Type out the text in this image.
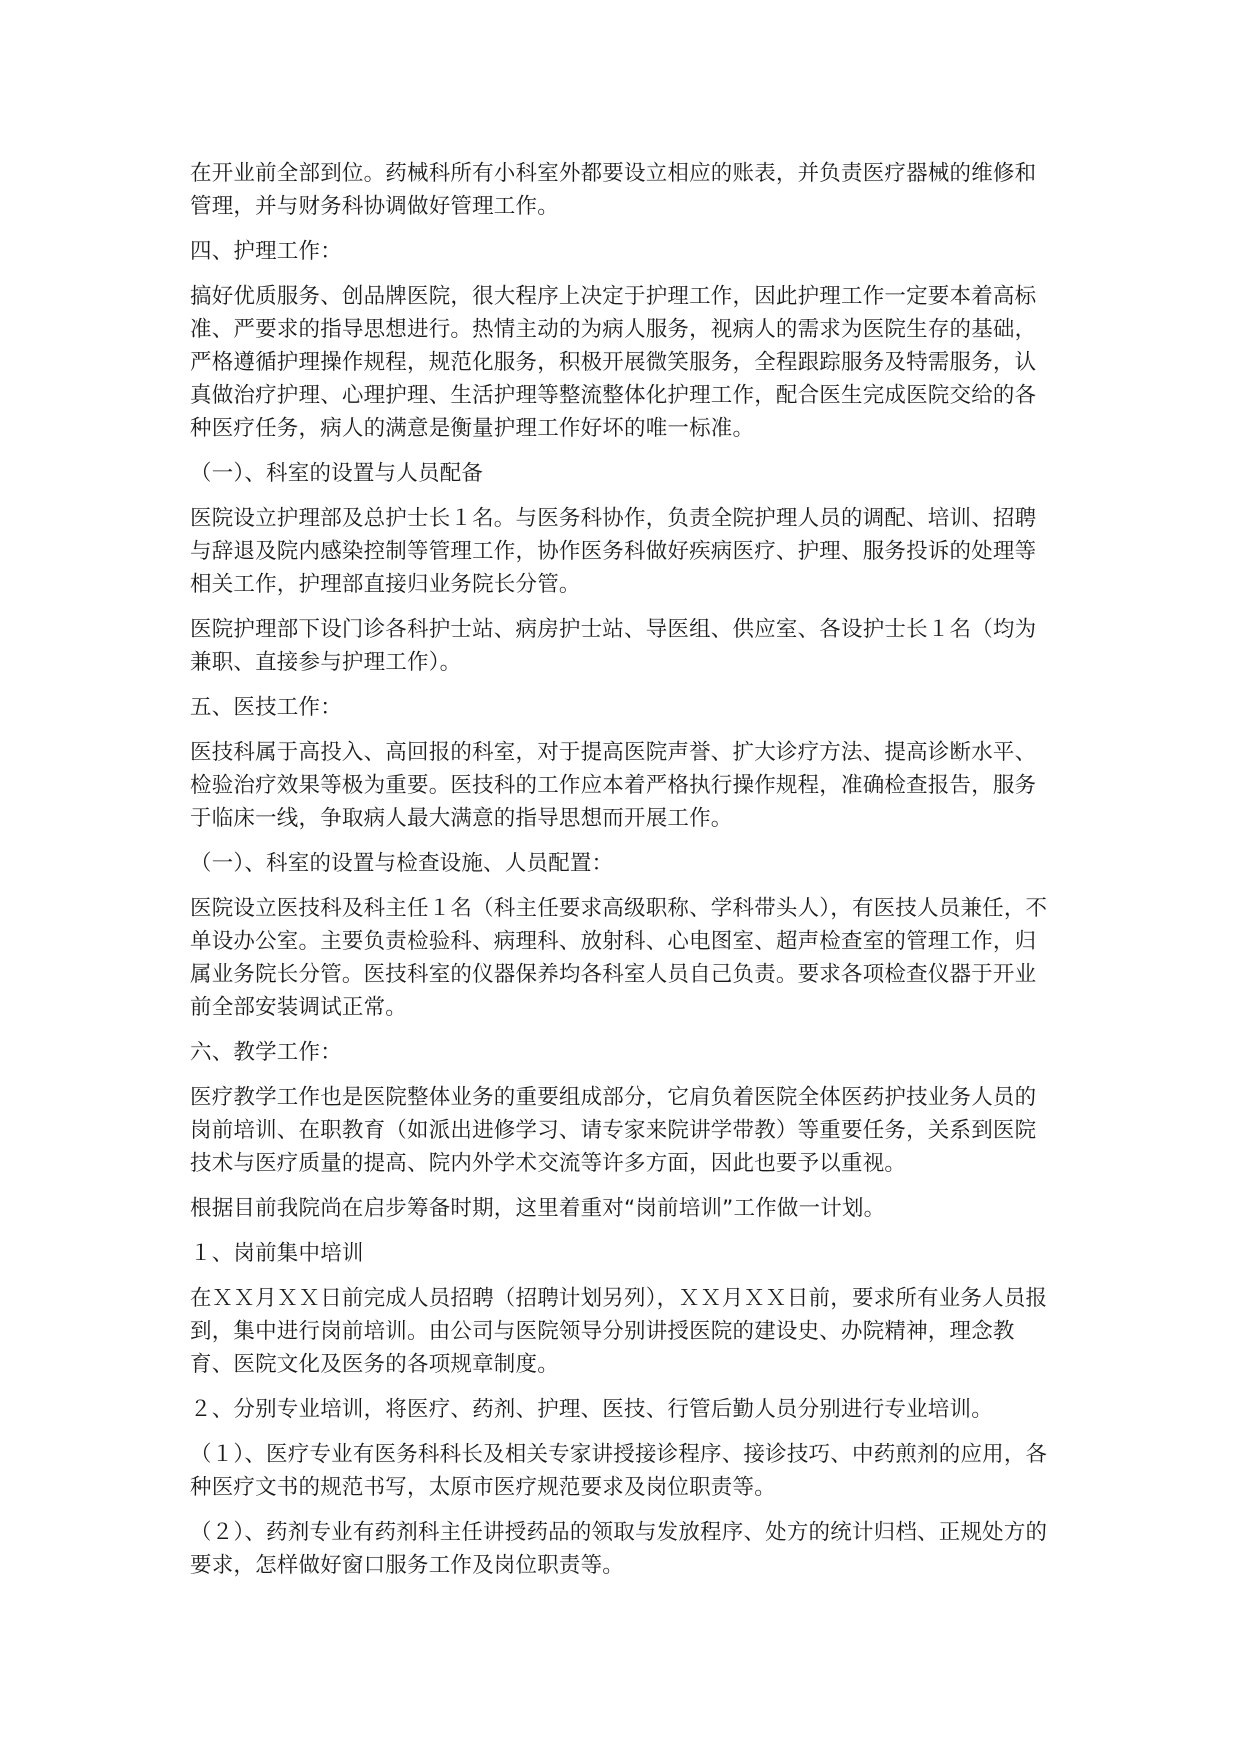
在开业前全部到位。药械科所有小科室外都要设立相应的账表，并负责医疗器械的维修和管理，并与财务科协调做好管理工作。

四、护理工作：

搞好优质服务、创品牌医院，很大程序上决定于护理工作，因此护理工作一定要本着高标准、严要求的指导思想进行。热情主动的为病人服务，视病人的需求为医院生存的基础，严格遵循护理操作规程，规范化服务，积极开展微笑服务，全程跟踪服务及特需服务，认真做治疗护理、心理护理、生活护理等整流整体化护理工作，配合医生完成医院交给的各种医疗任务，病人的满意是衡量护理工作好坏的唯一标准。

（一）、科室的设置与人员配备

医院设立护理部及总护士长１名。与医务科协作，负责全院护理人员的调配、培训、招聘与辞退及院内感染控制等管理工作，协作医务科做好疾病医疗、护理、服务投诉的处理等相关工作，护理部直接归业务院长分管。

医院护理部下设门诊各科护士站、病房护士站、导医组、供应室、各设护士长１名（均为兼职、直接参与护理工作）。

五、医技工作：

医技科属于高投入、高回报的科室，对于提高医院声誉、扩大诊疗方法、提高诊断水平、检验治疗效果等极为重要。医技科的工作应本着严格执行操作规程，准确检查报告，服务于临床一线，争取病人最大满意的指导思想而开展工作。

（一）、科室的设置与检查设施、人员配置：

医院设立医技科及科主任１名（科主任要求高级职称、学科带头人），有医技人员兼任，不单设办公室。主要负责检验科、病理科、放射科、心电图室、超声检查室的管理工作，归属业务院长分管。医技科室的仪器保养均各科室人员自己负责。要求各项检查仪器于开业前全部安装调试正常。

六、教学工作：

医疗教学工作也是医院整体业务的重要组成部分，它肩负着医院全体医药护技业务人员的岗前培训、在职教育（如派出进修学习、请专家来院讲学带教）等重要任务，关系到医院技术与医疗质量的提高、院内外学术交流等许多方面，因此也要予以重视。

根据目前我院尚在启步筹备时期，这里着重对“岗前培训”工作做一计划。

１、岗前集中培训

在ＸＸ月ＸＸ日前完成人员招聘（招聘计划另列），ＸＸ月ＸＸ日前，要求所有业务人员报到，集中进行岗前培训。由公司与医院领导分别讲授医院的建设史、办院精神，理念教育、医院文化及医务的各项规章制度。

２、分别专业培训，将医疗、药剂、护理、医技、行管后勤人员分别进行专业培训。

（１）、医疗专业有医务科科长及相关专家讲授接诊程序、接诊技巧、中药煎剂的应用，各种医疗文书的规范书写，太原市医疗规范要求及岗位职责等。

（２）、药剂专业有药剂科主任讲授药品的领取与发放程序、处方的统计归档、正规处方的要求，怎样做好窗口服务工作及岗位职责等。
